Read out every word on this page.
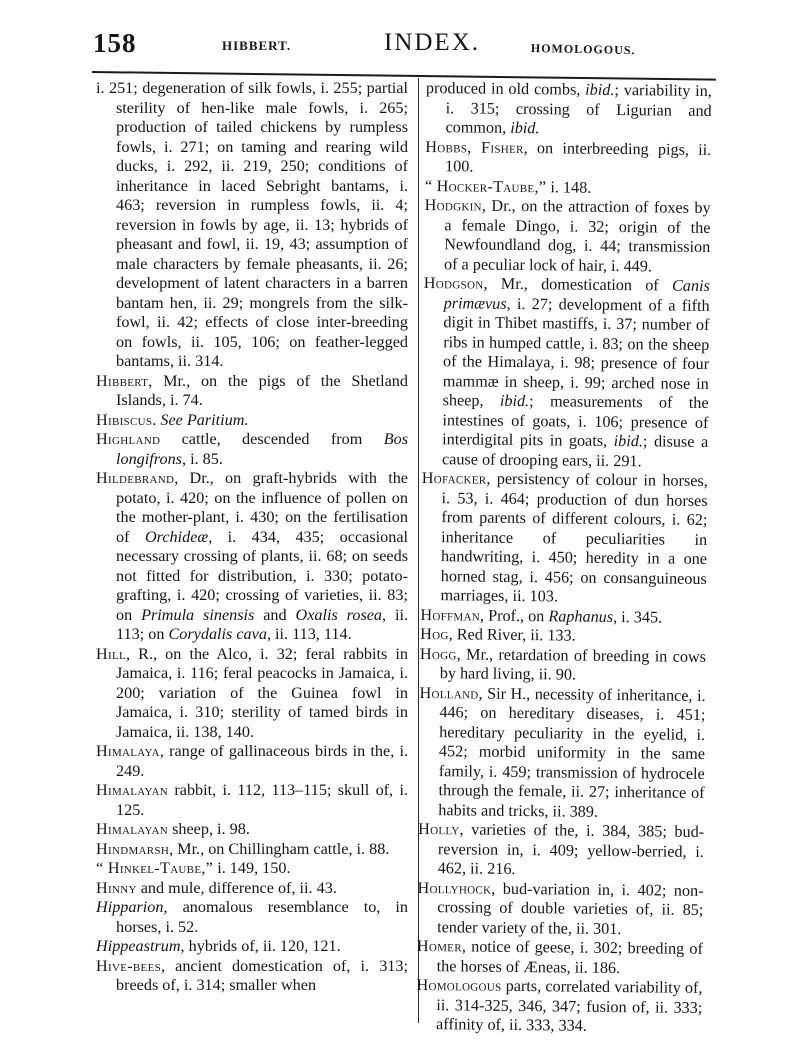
158	HIBBERT.	INDEX.	HOMOLOGOUS.

i. 251; degeneration of silk fowls, i. 255; partial sterility of hen-like male fowls, i. 265; production of tailed chickens by rumpless fowls, i. 271; on taming and rearing wild ducks, i. 292, ii. 219, 250; conditions of inheritance in laced Sebright bantams, i. 463; reversion in rumpless fowls, ii. 4; reversion in fowls by age, ii. 13; hybrids of pheasant and fowl, ii. 19, 43; assumption of male characters by female pheasants, ii. 26; development of latent characters in a barren bantam hen, ii. 29; mongrels from the silk-fowl, ii. 42; effects of close inter-breeding on fowls, ii. 105, 106; on feather-legged bantams, ii. 314.

Hibbert, Mr., on the pigs of the Shetland Islands, i. 74.

Hibiscus. See Paritium.

Highland cattle, descended from Bos longifrons, i. 85.

Hildebrand, Dr., on graft-hybrids with the potato, i. 420; on the influence of pollen on the mother-plant, i. 430; on the fertilisation of Orchideæ, i. 434, 435; occasional necessary crossing of plants, ii. 68; on seeds not fitted for distribution, i. 330; potato-grafting, i. 420; crossing of varieties, ii. 83; on Primula sinensis and Oxalis rosea, ii. 113; on Corydalis cava, ii. 113, 114.

Hill, R., on the Alco, i. 32; feral rabbits in Jamaica, i. 116; feral peacocks in Jamaica, i. 200; variation of the Guinea fowl in Jamaica, i. 310; sterility of tamed birds in Jamaica, ii. 138, 140.

Himalaya, range of gallinaceous birds in the, i. 249.

Himalayan rabbit, i. 112, 113–115; skull of, i. 125.

Himalayan sheep, i. 98.

Hindmarsh, Mr., on Chillingham cattle, i. 88.

“ Hinkel-Taube,” i. 149, 150.

Hinny and mule, difference of, ii. 43.

Hipparion, anomalous resemblance to, in horses, i. 52.

Hippeastrum, hybrids of, ii. 120, 121.

Hive-bees, ancient domestication of, i. 313; breeds of, i. 314; smaller when

produced in old combs, ibid.; variability in, i. 315; crossing of Ligurian and common, ibid.

Hobbs, Fisher, on interbreeding pigs, ii. 100.

“ Hocker-Taube,” i. 148.

Hodgkin, Dr., on the attraction of foxes by a female Dingo, i. 32; origin of the Newfoundland dog, i. 44; transmission of a peculiar lock of hair, i. 449.

Hodgson, Mr., domestication of Canis primævus, i. 27; development of a fifth digit in Thibet mastiffs, i. 37; number of ribs in humped cattle, i. 83; on the sheep of the Himalaya, i. 98; presence of four mammæ in sheep, i. 99; arched nose in sheep, ibid.; measurements of the intestines of goats, i. 106; presence of interdigital pits in goats, ibid.; disuse a cause of drooping ears, ii. 291.

Hofacker, persistency of colour in horses, i. 53, i. 464; production of dun horses from parents of different colours, i. 62; inheritance of peculiarities in handwriting, i. 450; heredity in a one horned stag, i. 456; on consanguineous marriages, ii. 103.

Hoffman, Prof., on Raphanus, i. 345.

Hog, Red River, ii. 133.

Hogg, Mr., retardation of breeding in cows by hard living, ii. 90.

Holland, Sir H., necessity of inheritance, i. 446; on hereditary diseases, i. 451; hereditary peculiarity in the eyelid, i. 452; morbid uniformity in the same family, i. 459; transmission of hydrocele through the female, ii. 27; inheritance of habits and tricks, ii. 389.

Holly, varieties of the, i. 384, 385; bud-reversion in, i. 409; yellow-berried, i. 462, ii. 216.

Hollyhock, bud-variation in, i. 402; non-crossing of double varieties of, ii. 85; tender variety of the, ii. 301.

Homer, notice of geese, i. 302; breeding of the horses of Æneas, ii. 186.

Homologous parts, correlated variability of, ii. 314-325, 346, 347; fusion of, ii. 333; affinity of, ii. 333, 334.
